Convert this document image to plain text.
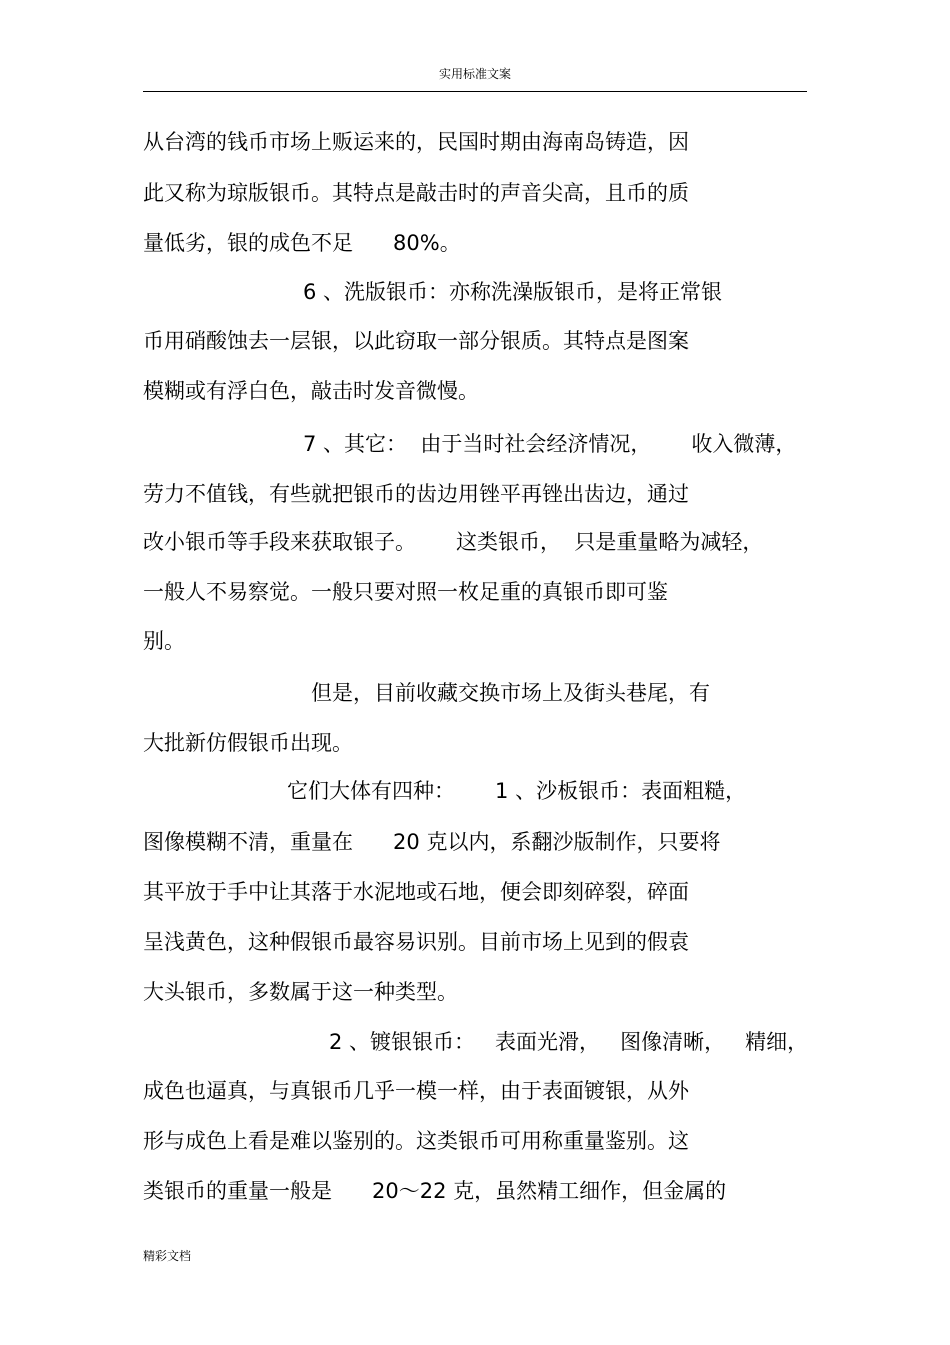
实用标准文案
从台湾的钱币市场上贩运来的，民国时期由海南岛铸造，因
此又称为琼版银币。其特点是敲击时的声音尖高，且币的质
量低劣，银的成色不足      80%。
6 、洗版银币：亦称洗澡版银币，是将正常银
币用硝酸蚀去一层银，以此窃取一部分银质。其特点是图案
模糊或有浮白色，敲击时发音微慢。
7 、其它：  由于当时社会经济情况，      收入微薄，
劳力不值钱，有些就把银币的齿边用锉平再锉出齿边，通过
改小银币等手段来获取银子。      这类银币，  只是重量略为减轻，
一般人不易察觉。一般只要对照一枚足重的真银币即可鉴
别。
但是，目前收藏交换市场上及街头巷尾，有
大批新仿假银币出现。
它们大体有四种：      1 、沙板银币：表面粗糙，
图像模糊不清，重量在      20 克以内，系翻沙版制作，只要将
其平放于手中让其落于水泥地或石地，便会即刻碎裂，碎面
呈浅黄色，这种假银币最容易识别。目前市场上见到的假袁
大头银币，多数属于这一种类型。
2 、镀银银币：   表面光滑，   图像清晰，   精细，
成色也逼真，与真银币几乎一模一样，由于表面镀银，从外
形与成色上看是难以鉴别的。这类银币可用称重量鉴别。这
类银币的重量一般是      20～22 克，虽然精工细作，但金属的
精彩文档
